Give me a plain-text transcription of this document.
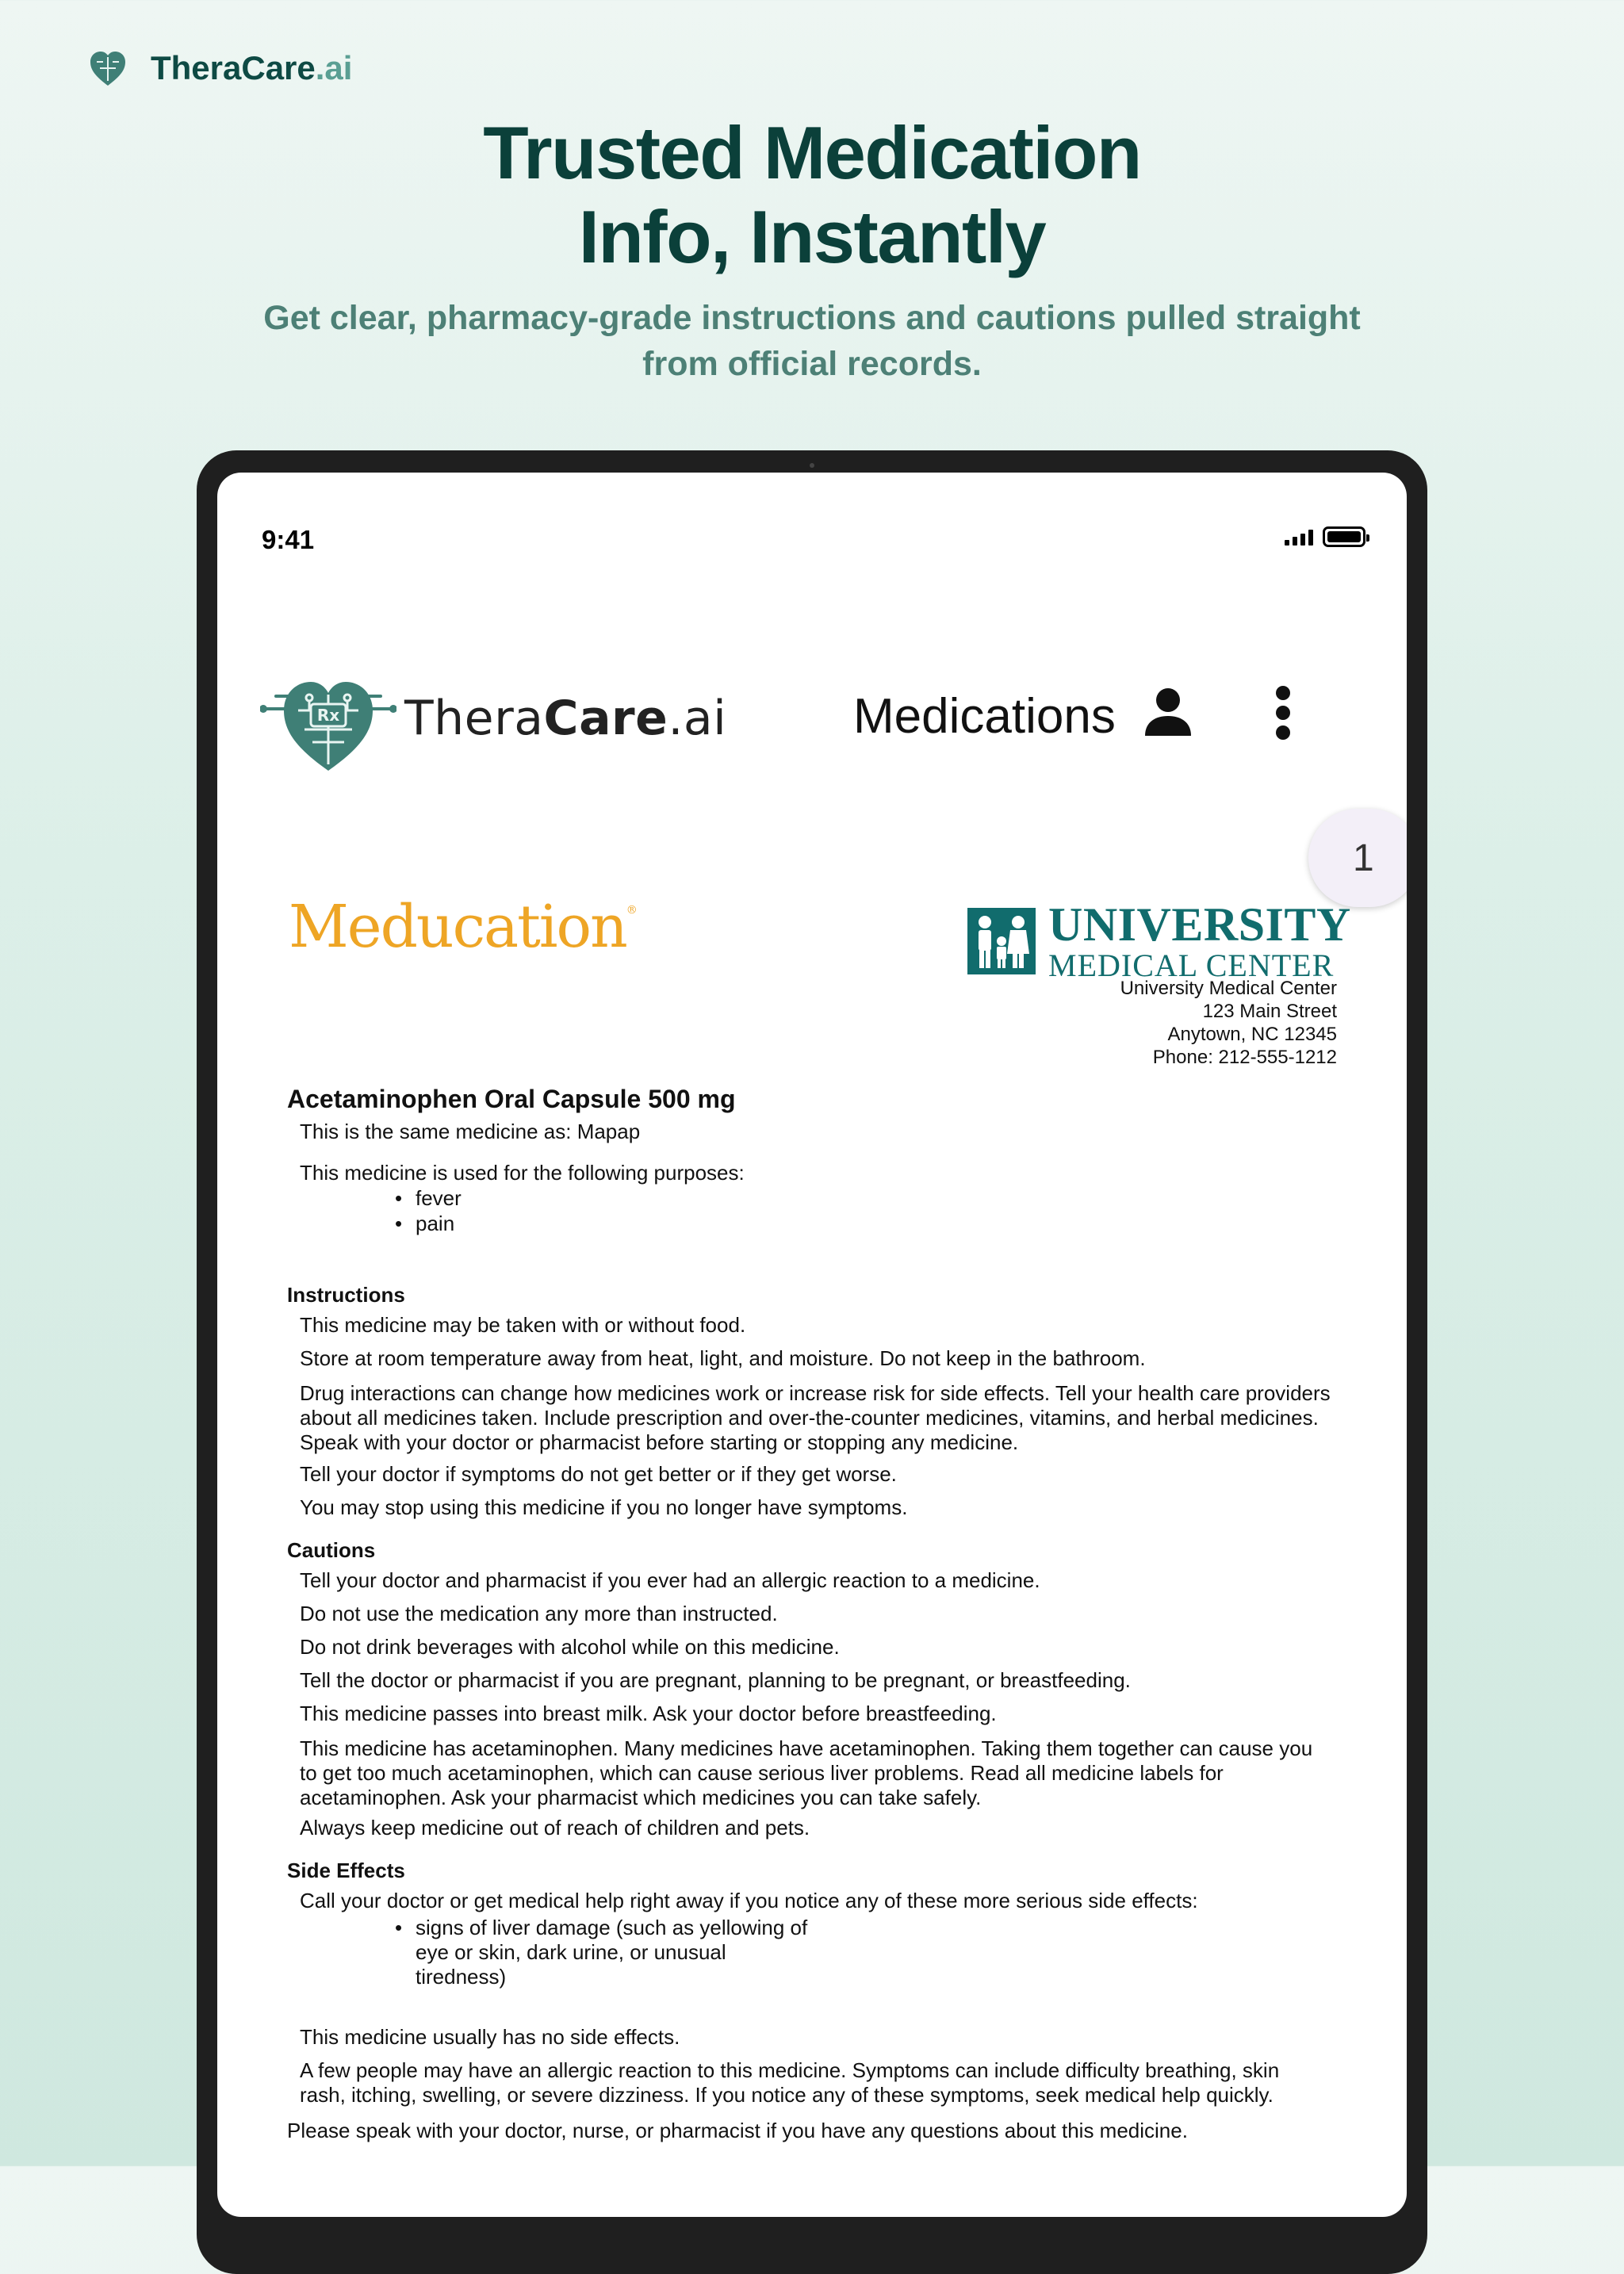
TheraCare.ai
Trusted Medication
Info, Instantly
Get clear, pharmacy-grade instructions and cautions pulled straight from official records.
9:41
Rx TheraCare.ai	Medications
1
Meducation®	UNIVERSITY
MEDICAL CENTER
University Medical Center
123 Main Street
Anytown, NC 12345
Phone: 212-555-1212
Acetaminophen Oral Capsule 500 mg
This is the same medicine as: Mapap
This medicine is used for the following purposes:
• fever
• pain
Instructions
This medicine may be taken with or without food.
Store at room temperature away from heat, light, and moisture. Do not keep in the bathroom.
Drug interactions can change how medicines work or increase risk for side effects. Tell your health care providers about all medicines taken. Include prescription and over-the-counter medicines, vitamins, and herbal medicines. Speak with your doctor or pharmacist before starting or stopping any medicine.
Tell your doctor if symptoms do not get better or if they get worse.
You may stop using this medicine if you no longer have symptoms.
Cautions
Tell your doctor and pharmacist if you ever had an allergic reaction to a medicine.
Do not use the medication any more than instructed.
Do not drink beverages with alcohol while on this medicine.
Tell the doctor or pharmacist if you are pregnant, planning to be pregnant, or breastfeeding.
This medicine passes into breast milk. Ask your doctor before breastfeeding.
This medicine has acetaminophen. Many medicines have acetaminophen. Taking them together can cause you to get too much acetaminophen, which can cause serious liver problems. Read all medicine labels for acetaminophen. Ask your pharmacist which medicines you can take safely.
Always keep medicine out of reach of children and pets.
Side Effects
Call your doctor or get medical help right away if you notice any of these more serious side effects:
• signs of liver damage (such as yellowing of eye or skin, dark urine, or unusual tiredness)
This medicine usually has no side effects.
A few people may have an allergic reaction to this medicine. Symptoms can include difficulty breathing, skin rash, itching, swelling, or severe dizziness. If you notice any of these symptoms, seek medical help quickly.
Please speak with your doctor, nurse, or pharmacist if you have any questions about this medicine.
